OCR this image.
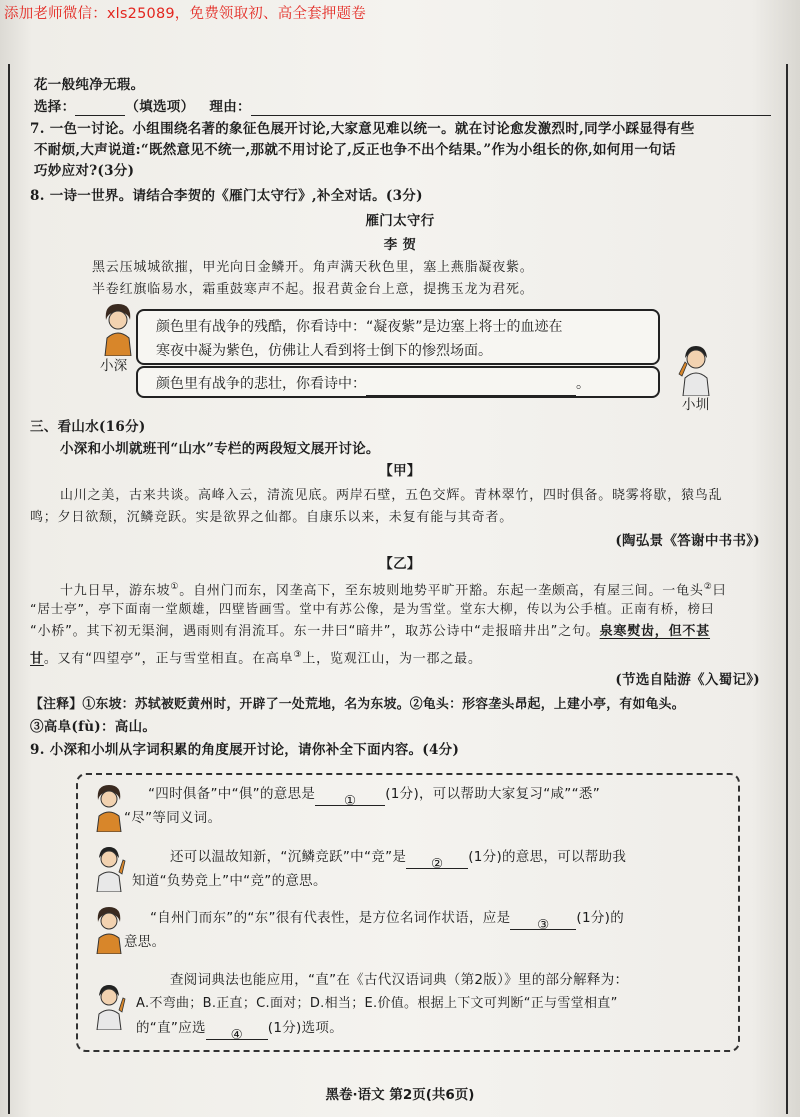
添加老师微信：xls25089，免费领取初、高全套押题卷
花一般纯净无瑕。
选择：	（填选项） 理由：
7. 一色一讨论。小组围绕名著的象征色展开讨论,大家意见难以统一。就在讨论愈发激烈时,同学小踩显得有些
不耐烦,大声说道:“既然意见不统一,那就不用讨论了,反正也争不出个结果。”作为小组长的你,如何用一句话
巧妙应对?(3分)
8. 一诗一世界。请结合李贺的《雁门太守行》,补全对话。(3分)
雁门太守行
李 贺
黑云压城城欲摧，甲光向日金鳞开。角声满天秋色里，塞上燕脂凝夜紫。
半卷红旗临易水，霜重鼓寒声不起。报君黄金台上意，提携玉龙为君死。
小深
颜色里有战争的残酷，你看诗中：“凝夜紫”是边塞上将士的血迹在
寒夜中凝为紫色，仿佛让人看到将士倒下的惨烈场面。
颜色里有战争的悲壮，你看诗中：	。
小圳
三、看山水(16分)
小深和小圳就班刊“山水”专栏的两段短文展开讨论。
【甲】
山川之美，古来共谈。高峰入云，清流见底。两岸石壁，五色交辉。青林翠竹，四时俱备。晓雾将歇，猿鸟乱
鸣；夕日欲颓，沉鳞竞跃。实是欲界之仙都。自康乐以来，未复有能与其奇者。
(陶弘景《答谢中书书》)
【乙】
十九日早，游东坡①。自州门而东，冈垄高下，至东坡则地势平旷开豁。东起一垄颇高，有屋三间。一龟头②曰
“居士亭”，亭下面南一堂颇雄，四壁皆画雪。堂中有苏公像，是为雪堂。堂东大柳，传以为公手植。正南有桥，榜曰
“小桥”。其下初无渠涧，遇雨则有涓流耳。东一井曰“暗井”，取苏公诗中“走报暗井出”之句。泉寒熨齿，但不甚
甘。又有“四望亭”，正与雪堂相直。在高阜③上，览观江山，为一郡之最。
(节选自陆游《入蜀记》)
【注释】①东坡：苏轼被贬黄州时，开辟了一处荒地，名为东坡。②龟头：形容垄头昂起，上建小亭，有如龟头。
③高阜(fù)：高山。
9. 小深和小圳从字词积累的角度展开讨论，请你补全下面内容。(4分)
“四时俱备”中“俱”的意思是 ① (1分)，可以帮助大家复习“咸”“悉”
“尽”等同义词。
还可以温故知新，“沉鳞竞跃”中“竞”是 ② (1分)的意思，可以帮助我
知道“负势竞上”中“竞”的意思。
“自州门而东”的“东”很有代表性，是方位名词作状语，应是 ③ (1分)的
意思。
查阅词典法也能应用，“直”在《古代汉语词典（第2版）》里的部分解释为：
A.不弯曲；B.正直；C.面对；D.相当；E.价值。根据上下文可判断“正与雪堂相直”
的“直”应选 ④ (1分)选项。
黑卷·语文 第2页(共6页)
